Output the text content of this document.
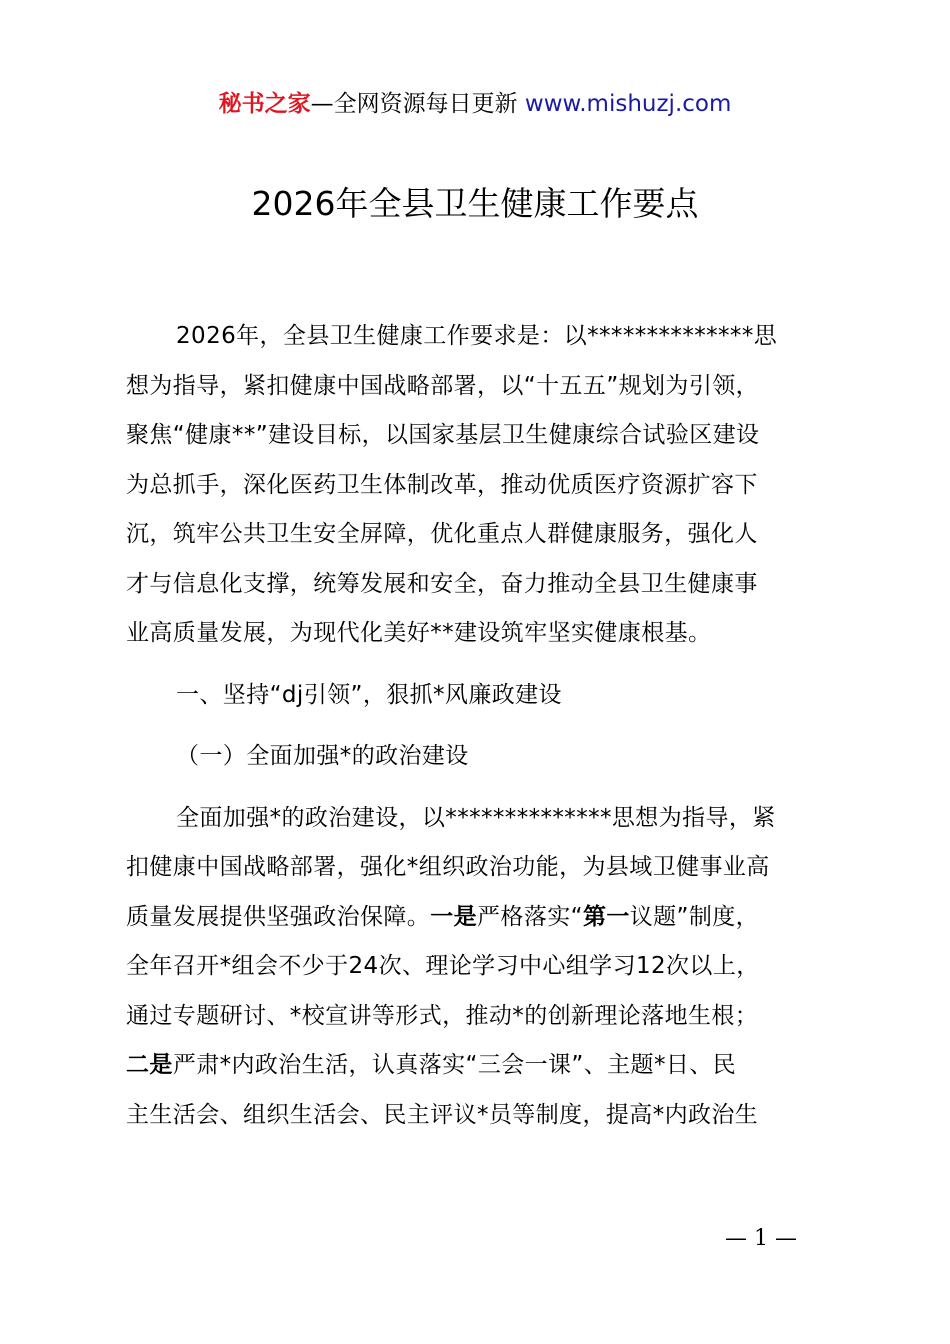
秘书之家—全网资源每日更新 www.mishuzj.com
2026年全县卫生健康工作要点
2026年，全县卫生健康工作要求是：以**************思
想为指导，紧扣健康中国战略部署，以“十五五”规划为引领，
聚焦“健康**”建设目标，以国家基层卫生健康综合试验区建设
为总抓手，深化医药卫生体制改革，推动优质医疗资源扩容下
沉，筑牢公共卫生安全屏障，优化重点人群健康服务，强化人
才与信息化支撑，统筹发展和安全，奋力推动全县卫生健康事
业高质量发展，为现代化美好**建设筑牢坚实健康根基。
一、坚持“dj引领”，狠抓*风廉政建设
（一）全面加强*的政治建设
全面加强*的政治建设，以**************思想为指导，紧
扣健康中国战略部署，强化*组织政治功能，为县域卫健事业高
质量发展提供坚强政治保障。一是严格落实“第一议题”制度，
全年召开*组会不少于24次、理论学习中心组学习12次以上，
通过专题研讨、*校宣讲等形式，推动*的创新理论落地生根；
二是严肃*内政治生活，认真落实“三会一课”、主题*日、民
主生活会、组织生活会、民主评议*员等制度，提高*内政治生
— 1 —
